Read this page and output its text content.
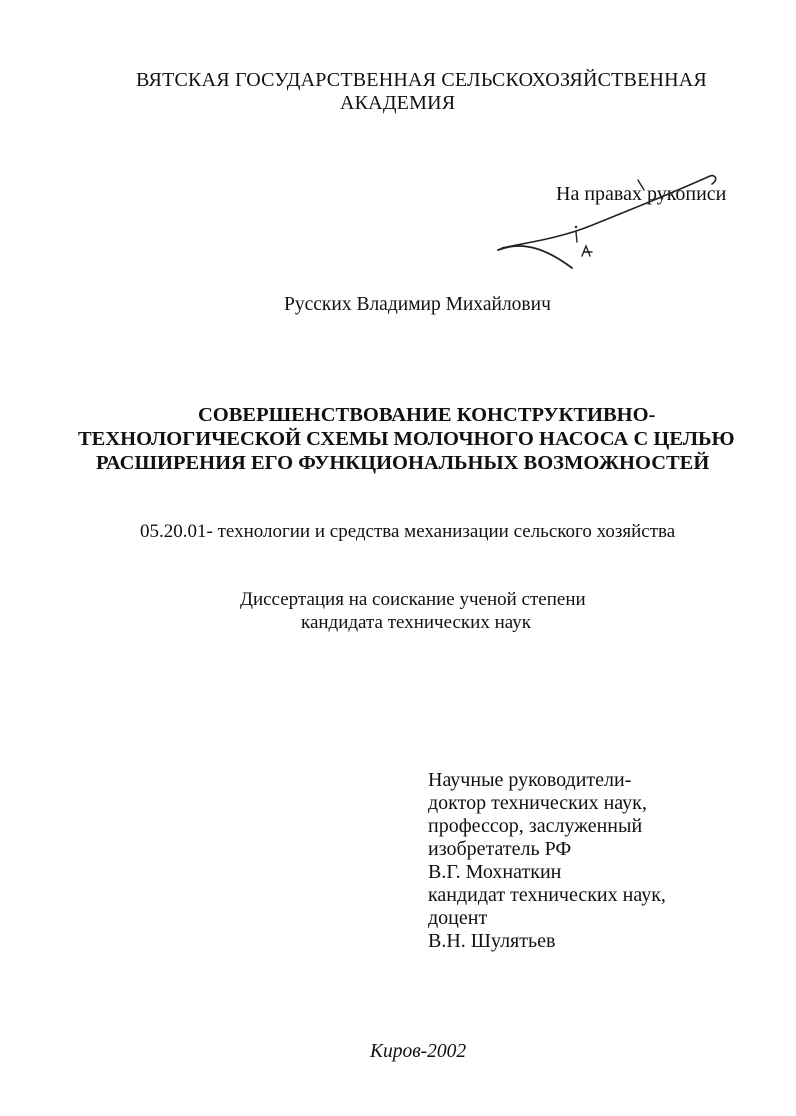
ВЯТСКАЯ ГОСУДАРСТВЕННАЯ СЕЛЬСКОХОЗЯЙСТВЕННАЯ
АКАДЕМИЯ
На правах рукописи
Русских Владимир Михайлович
СОВЕРШЕНСТВОВАНИЕ КОНСТРУКТИВНО-
ТЕХНОЛОГИЧЕСКОЙ СХЕМЫ МОЛОЧНОГО НАСОСА С ЦЕЛЬЮ
РАСШИРЕНИЯ ЕГО ФУНКЦИОНАЛЬНЫХ ВОЗМОЖНОСТЕЙ
05.20.01- технологии и средства механизации сельского хозяйства
Диссертация на соискание ученой степени
кандидата технических наук
Научные руководители-
доктор технических наук,
профессор, заслуженный
изобретатель РФ
В.Г. Мохнаткин
кандидат технических наук,
доцент
В.Н. Шулятьев
Киров-2002
